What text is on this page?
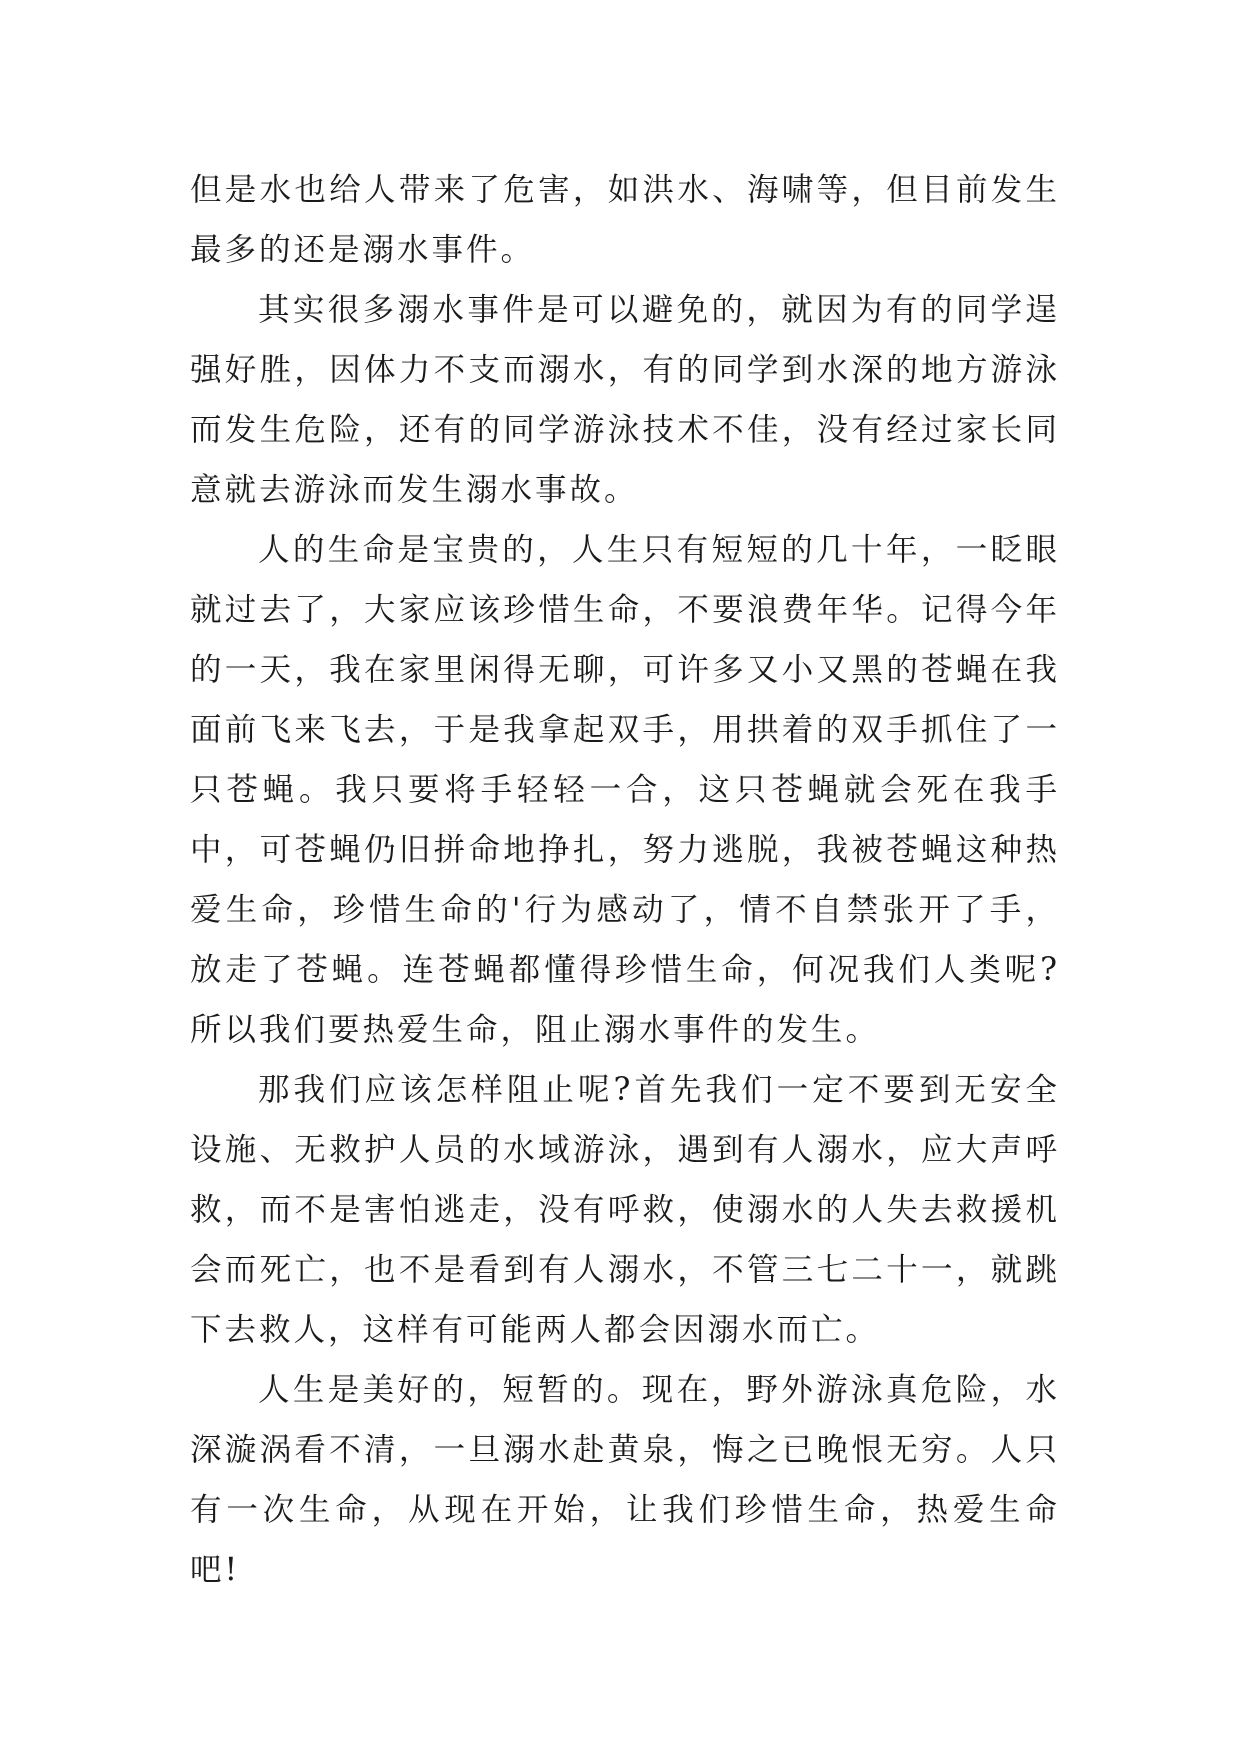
但是水也给人带来了危害，如洪水、海啸等，但目前发生最多的还是溺水事件。

其实很多溺水事件是可以避免的，就因为有的同学逞强好胜，因体力不支而溺水，有的同学到水深的地方游泳而发生危险，还有的同学游泳技术不佳，没有经过家长同意就去游泳而发生溺水事故。

人的生命是宝贵的，人生只有短短的几十年，一眨眼就过去了，大家应该珍惜生命，不要浪费年华。记得今年的一天，我在家里闲得无聊，可许多又小又黑的苍蝇在我面前飞来飞去，于是我拿起双手，用拱着的双手抓住了一只苍蝇。我只要将手轻轻一合，这只苍蝇就会死在我手中，可苍蝇仍旧拼命地挣扎，努力逃脱，我被苍蝇这种热爱生命，珍惜生命的'行为感动了，情不自禁张开了手，放走了苍蝇。连苍蝇都懂得珍惜生命，何况我们人类呢?所以我们要热爱生命，阻止溺水事件的发生。

那我们应该怎样阻止呢?首先我们一定不要到无安全设施、无救护人员的水域游泳，遇到有人溺水，应大声呼救，而不是害怕逃走，没有呼救，使溺水的人失去救援机会而死亡，也不是看到有人溺水，不管三七二十一，就跳下去救人，这样有可能两人都会因溺水而亡。

人生是美好的，短暂的。现在，野外游泳真危险，水深漩涡看不清，一旦溺水赴黄泉，悔之已晚恨无穷。人只有一次生命，从现在开始，让我们珍惜生命，热爱生命吧!
